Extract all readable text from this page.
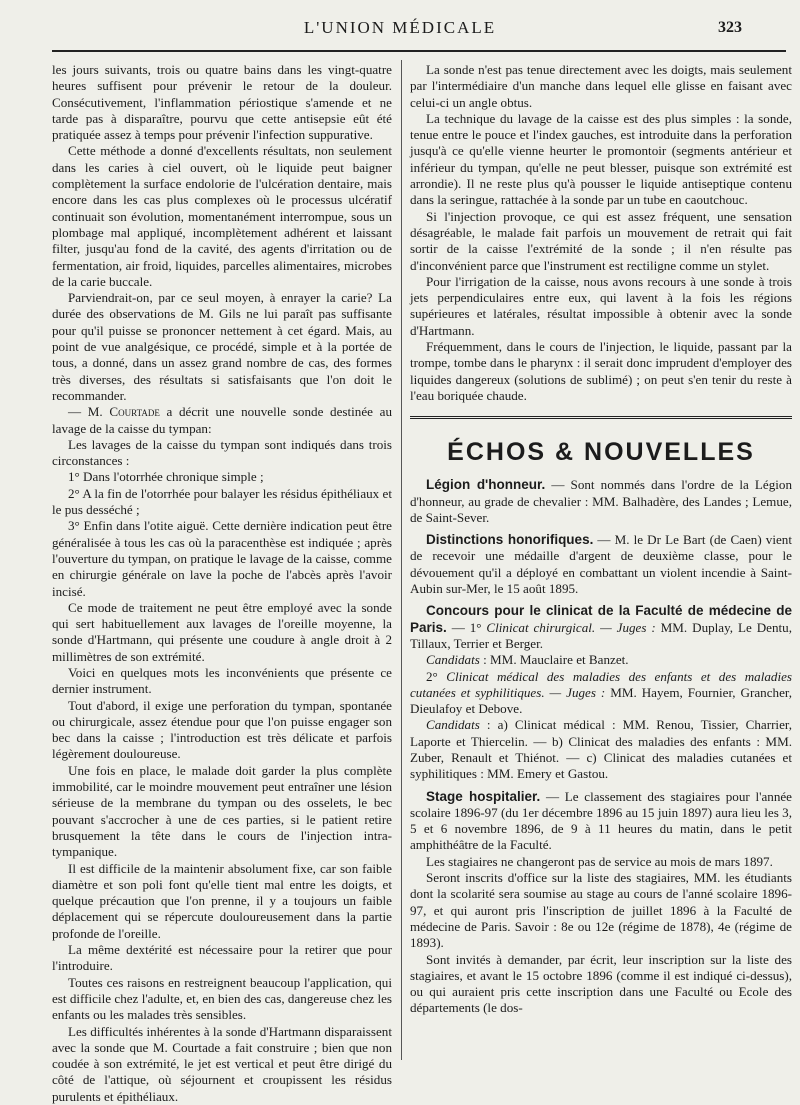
L'UNION MÉDICALE	323

les jours suivants, trois ou quatre bains dans les vingt-quatre heures suffisent pour prévenir le retour de la douleur. Consécutivement, l'inflammation périostique s'amende et ne tarde pas à disparaître, pourvu que cette antisepsie eût été pratiquée assez à temps pour prévenir l'infection suppurative.

Cette méthode a donné d'excellents résultats, non seulement dans les caries à ciel ouvert, où le liquide peut baigner complètement la surface endolorie de l'ulcération dentaire, mais encore dans les cas plus complexes où le processus ulcératif continuait son évolution, momentanément interrompue, sous un plombage mal appliqué, incomplètement adhérent et laissant filter, jusqu'au fond de la cavité, des agents d'irritation ou de fermentation, air froid, liquides, parcelles alimentaires, microbes de la carie buccale.

Parviendrait-on, par ce seul moyen, à enrayer la carie? La durée des observations de M. Gils ne lui paraît pas suffisante pour qu'il puisse se prononcer nettement à cet égard. Mais, au point de vue analgésique, ce procédé, simple et à la portée de tous, a donné, dans un assez grand nombre de cas, des formes très diverses, des résultats si satisfaisants que l'on doit le recommander.

— M. Courtade a décrit une nouvelle sonde destinée au lavage de la caisse du tympan:

Les lavages de la caisse du tympan sont indiqués dans trois circonstances :

1° Dans l'otorrhée chronique simple ;

2° A la fin de l'otorrhée pour balayer les résidus épithéliaux et le pus desséché ;

3° Enfin dans l'otite aiguë. Cette dernière indication peut être généralisée à tous les cas où la paracenthèse est indiquée ; après l'ouverture du tympan, on pratique le lavage de la caisse, comme en chirurgie générale on lave la poche de l'abcès après l'avoir incisé.

Ce mode de traitement ne peut être employé avec la sonde qui sert habituellement aux lavages de l'oreille moyenne, la sonde d'Hartmann, qui présente une coudure à angle droit à 2 millimètres de son extrémité.

Voici en quelques mots les inconvénients que présente ce dernier instrument.

Tout d'abord, il exige une perforation du tympan, spontanée ou chirurgicale, assez étendue pour que l'on puisse engager son bec dans la caisse ; l'introduction est très délicate et parfois légèrement douloureuse.

Une fois en place, le malade doit garder la plus complète immobilité, car le moindre mouvement peut entraîner une lésion sérieuse de la membrane du tympan ou des osselets, le bec pouvant s'accrocher à une de ces parties, si le patient retire brusquement la tête dans le cours de l'injection intra-tympanique.

Il est difficile de la maintenir absolument fixe, car son faible diamètre et son poli font qu'elle tient mal entre les doigts, et quelque précaution que l'on prenne, il y a toujours un faible déplacement qui se répercute douloureusement dans la partie profonde de l'oreille.

La même dextérité est nécessaire pour la retirer que pour l'introduire.

Toutes ces raisons en restreignent beaucoup l'application, qui est difficile chez l'adulte, et, en bien des cas, dangereuse chez les enfants ou les malades très sensibles.

Les difficultés inhérentes à la sonde d'Hartmann disparaissent avec la sonde que M. Courtade a fait construire ; bien que non coudée à son extrémité, le jet est vertical et peut être dirigé du côté de l'attique, où séjournent et croupissent les résidus purulents et épithéliaux.

La sonde n'est pas tenue directement avec les doigts, mais seulement par l'intermédiaire d'un manche dans lequel elle glisse en faisant avec celui-ci un angle obtus.

La technique du lavage de la caisse est des plus simples : la sonde, tenue entre le pouce et l'index gauches, est introduite dans la perforation jusqu'à ce qu'elle vienne heurter le promontoir (segments antérieur et inférieur du tympan, qu'elle ne peut blesser, puisque son extrémité est arrondie). Il ne reste plus qu'à pousser le liquide antiseptique contenu dans la seringue, rattachée à la sonde par un tube en caoutchouc.

Si l'injection provoque, ce qui est assez fréquent, une sensation désagréable, le malade fait parfois un mouvement de retrait qui fait sortir de la caisse l'extrémité de la sonde ; il n'en résulte pas d'inconvénient parce que l'instrument est rectiligne comme un stylet.

Pour l'irrigation de la caisse, nous avons recours à une sonde à trois jets perpendiculaires entre eux, qui lavent à la fois les régions supérieures et latérales, résultat impossible à obtenir avec la sonde d'Hartmann.

Fréquemment, dans le cours de l'injection, le liquide, passant par la trompe, tombe dans le pharynx : il serait donc imprudent d'employer des liquides dangereux (solutions de sublimé) ; on peut s'en tenir du reste à l'eau boriquée chaude.

ÉCHOS & NOUVELLES

Légion d'honneur. — Sont nommés dans l'ordre de la Légion d'honneur, au grade de chevalier : MM. Balhadère, des Landes ; Lemue, de Saint-Sever.

Distinctions honorifiques. — M. le Dr Le Bart (de Caen) vient de recevoir une médaille d'argent de deuxième classe, pour le dévouement qu'il a déployé en combattant un violent incendie à Saint-Aubin sur-Mer, le 15 août 1895.

Concours pour le clinicat de la Faculté de médecine de Paris. — 1° Clinicat chirurgical. — Juges : MM. Duplay, Le Dentu, Tillaux, Terrier et Berger.

Candidats : MM. Mauclaire et Banzet.

2° Clinicat médical des maladies des enfants et des maladies cutanées et syphilitiques. — Juges : MM. Hayem, Fournier, Grancher, Dieulafoy et Debove.

Candidats : a) Clinicat médical : MM. Renou, Tissier, Charrier, Laporte et Thiercelin. — b) Clinicat des maladies des enfants : MM. Zuber, Renault et Thiénot. — c) Clinicat des maladies cutanées et syphilitiques : MM. Emery et Gastou.

Stage hospitalier. — Le classement des stagiaires pour l'année scolaire 1896-97 (du 1er décembre 1896 au 15 juin 1897) aura lieu les 3, 5 et 6 novembre 1896, de 9 à 11 heures du matin, dans le petit amphithéâtre de la Faculté.

Les stagiaires ne changeront pas de service au mois de mars 1897.

Seront inscrits d'office sur la liste des stagiaires, MM. les étudiants dont la scolarité sera soumise au stage au cours de l'anné scolaire 1896-97, et qui auront pris l'inscription de juillet 1896 à la Faculté de médecine de Paris. Savoir : 8e ou 12e (régime de 1878), 4e (régime de 1893).

Sont invités à demander, par écrit, leur inscription sur la liste des stagiaires, et avant le 15 octobre 1896 (comme il est indiqué ci-dessus), ou qui auraient pris cette inscription dans une Faculté ou Ecole des départements (le dos-
